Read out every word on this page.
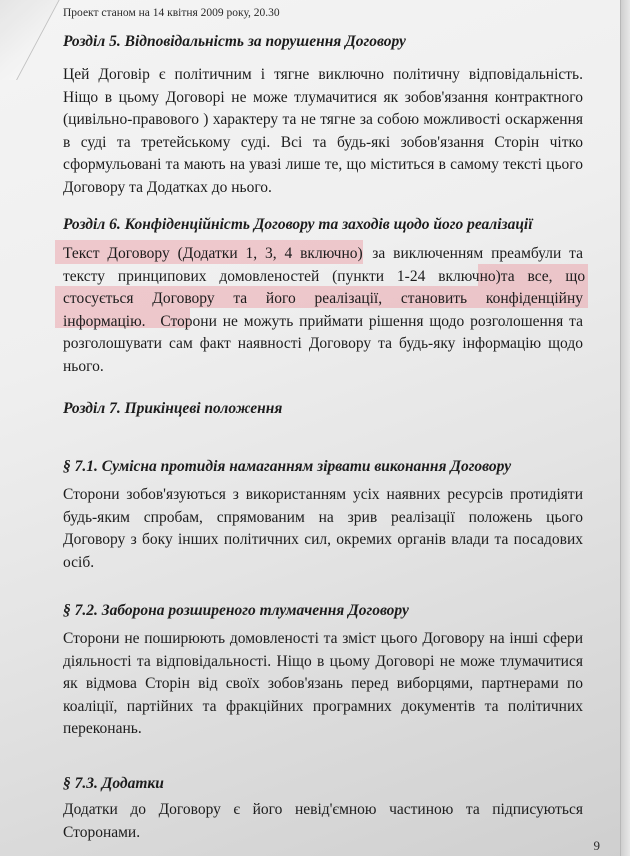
Проект станом на 14 квітня 2009 року, 20.30
Розділ 5. Відповідальність за порушення Договору
Цей Договір є політичним і тягне виключно політичну відповідальність.
Ніщо в цьому Договорі не може тлумачитися як зобов'язання контрактного
(цивільно-правового ) характеру та не тягне за собою можливості оскарження
в суді та третейському суді. Всі та будь-які зобов'язання Сторін чітко
сформульовані та мають на увазі лише те, що міститься в самому тексті цього
Договору та Додатках до нього.
Розділ 6. Конфіденційність Договору та заходів щодо його реалізації
Текст Договору (Додатки 1, 3, 4 включно) за виключенням преамбули та
тексту принципових домовленостей (пункти 1-24 включно) та все, що
стосується Договору та його реалізації, становить конфіденційну
інформацію. Сторони не можуть приймати рішення щодо розголошення та
розголошувати сам факт наявності Договору та будь-яку інформацію щодо
нього.
Розділ 7. Прикінцеві положення
§ 7.1. Сумісна протидія намаганням зірвати виконання Договору
Сторони зобов'язуються з використанням усіх наявних ресурсів протидіяти
будь-яким спробам, спрямованим на зрив реалізації положень цього
Договору з боку інших політичних сил, окремих органів влади та посадових
осіб.
§ 7.2. Заборона розширеного тлумачення Договору
Сторони не поширюють домовленості та зміст цього Договору на інші сфери
діяльності та відповідальності. Ніщо в цьому Договорі не може тлумачитися
як відмова Сторін від своїх зобов'язань перед виборцями, партнерами по
коаліції, партійних та фракційних програмних документів та політичних
переконань.
§ 7.3. Додатки
Додатки до Договору є його невід'ємною частиною та підписуються
Сторонами.
9
